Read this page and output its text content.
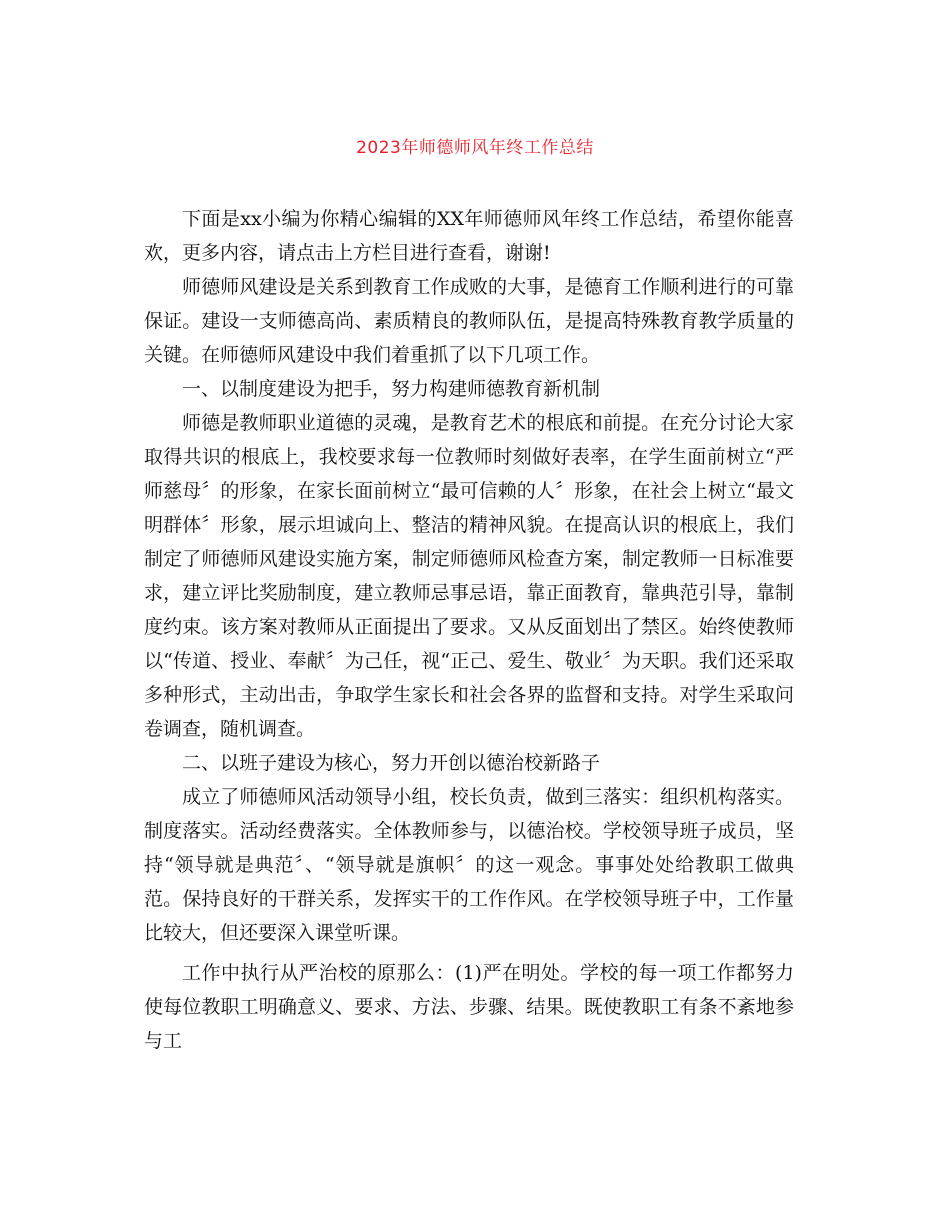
2023年师德师风年终工作总结

下面是xx小编为你精心编辑的XX年师德师风年终工作总结，希望你能喜欢，更多内容，请点击上方栏目进行查看，谢谢!

师德师风建设是关系到教育工作成败的大事，是德育工作顺利进行的可靠保证。建设一支师德高尚、素质精良的教师队伍，是提高特殊教育教学质量的关键。在师德师风建设中我们着重抓了以下几项工作。

一、以制度建设为把手，努力构建师德教育新机制

师德是教师职业道德的灵魂，是教育艺术的根底和前提。在充分讨论大家取得共识的根底上，我校要求每一位教师时刻做好表率，在学生面前树立“严师慈母〞的形象，在家长面前树立“最可信赖的人〞形象，在社会上树立“最文明群体〞形象，展示坦诚向上、整洁的精神风貌。在提高认识的根底上，我们制定了师德师风建设实施方案，制定师德师风检查方案，制定教师一日标准要求，建立评比奖励制度，建立教师忌事忌语，靠正面教育，靠典范引导，靠制度约束。该方案对教师从正面提出了要求。又从反面划出了禁区。始终使教师以“传道、授业、奉献〞为己任，视“正己、爱生、敬业〞为天职。我们还采取多种形式，主动出击，争取学生家长和社会各界的监督和支持。对学生采取问卷调查，随机调查。

二、以班子建设为核心，努力开创以德治校新路子

成立了师德师风活动领导小组，校长负责，做到三落实：组织机构落实。制度落实。活动经费落实。全体教师参与，以德治校。学校领导班子成员，坚持“领导就是典范〞、“领导就是旗帜〞的这一观念。事事处处给教职工做典范。保持良好的干群关系，发挥实干的工作作风。在学校领导班子中，工作量比较大，但还要深入课堂听课。

工作中执行从严治校的原那么：(1)严在明处。学校的每一项工作都努力使每位教职工明确意义、要求、方法、步骤、结果。既使教职工有条不紊地参与工
